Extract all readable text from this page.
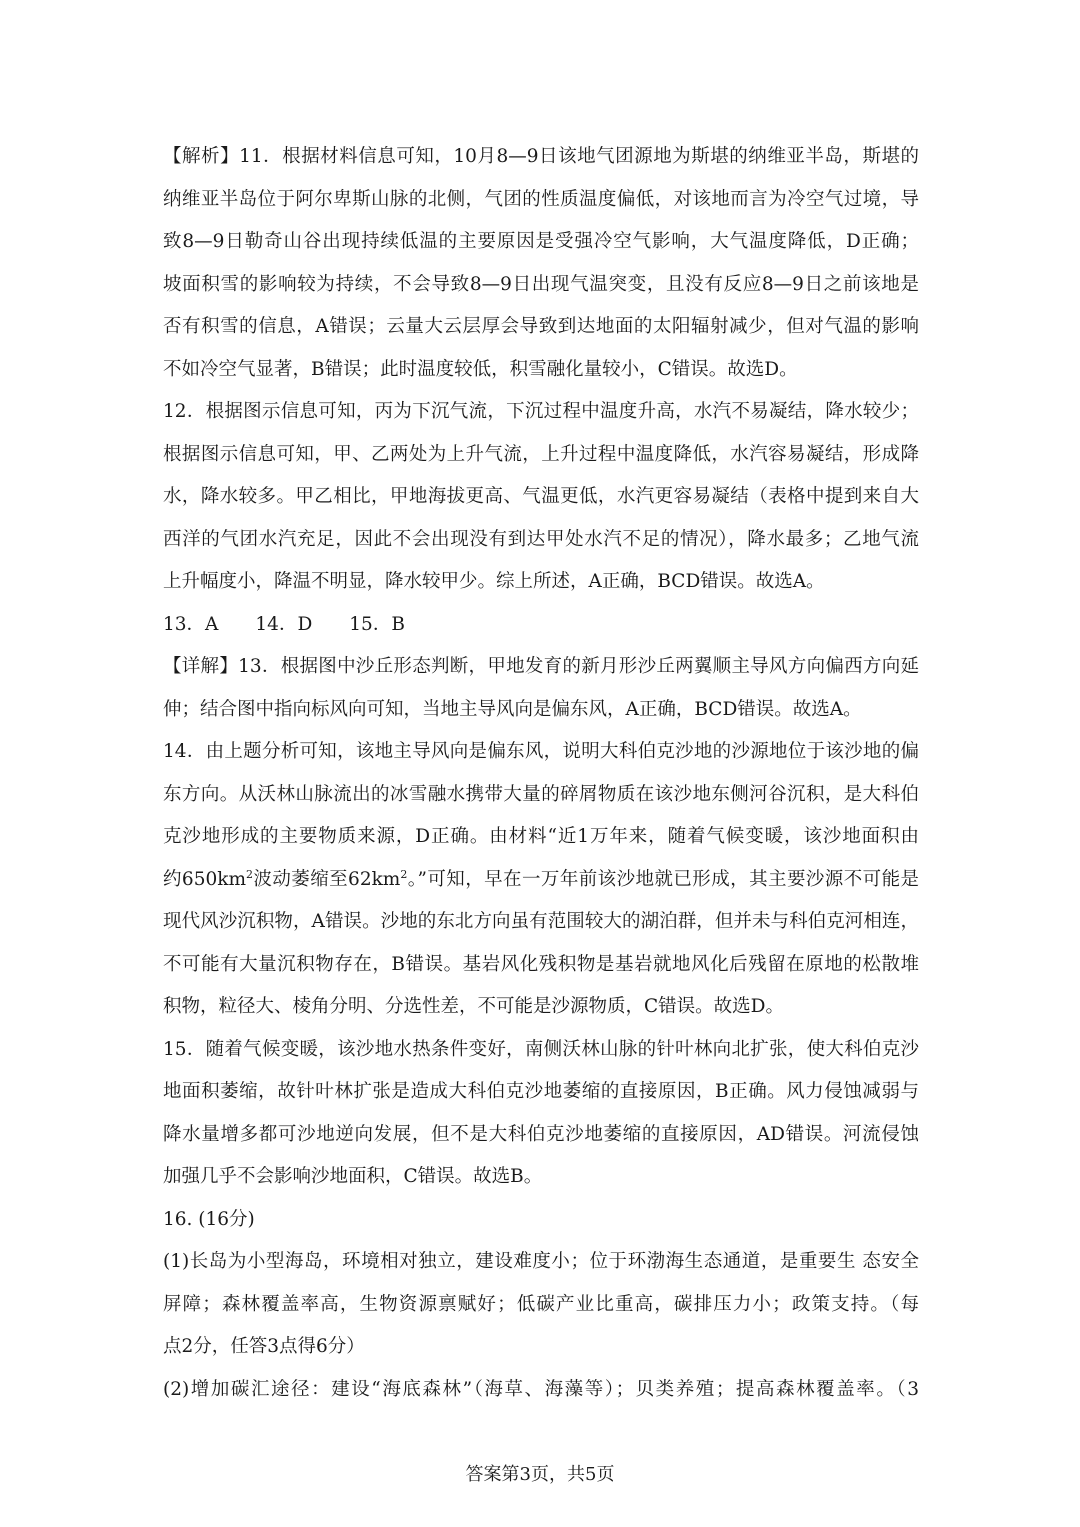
【解析】11．根据材料信息可知，10月8—9日该地气团源地为斯堪的纳维亚半岛，斯堪的
纳维亚半岛位于阿尔卑斯山脉的北侧，气团的性质温度偏低，对该地而言为冷空气过境，导
致8—9日勒奇山谷出现持续低温的主要原因是受强冷空气影响，大气温度降低，D正确；
坡面积雪的影响较为持续，不会导致8—9日出现气温突变，且没有反应8—9日之前该地是
否有积雪的信息，A错误；云量大云层厚会导致到达地面的太阳辐射减少，但对气温的影响
不如冷空气显著，B错误；此时温度较低，积雪融化量较小，C错误。故选D。
12．根据图示信息可知，丙为下沉气流，下沉过程中温度升高，水汽不易凝结，降水较少；
根据图示信息可知，甲、乙两处为上升气流，上升过程中温度降低，水汽容易凝结，形成降
水，降水较多。甲乙相比，甲地海拔更高、气温更低，水汽更容易凝结（表格中提到来自大
西洋的气团水汽充足，因此不会出现没有到达甲处水汽不足的情况），降水最多；乙地气流
上升幅度小，降温不明显，降水较甲少。综上所述，A正确，BCD错误。故选A。
13．A　　14．D　　15．B
【详解】13．根据图中沙丘形态判断，甲地发育的新月形沙丘两翼顺主导风方向偏西方向延
伸；结合图中指向标风向可知，当地主导风向是偏东风，A正确，BCD错误。故选A。
14．由上题分析可知，该地主导风向是偏东风，说明大科伯克沙地的沙源地位于该沙地的偏
东方向。从沃林山脉流出的冰雪融水携带大量的碎屑物质在该沙地东侧河谷沉积，是大科伯
克沙地形成的主要物质来源，D正确。由材料“近1万年来，随着气候变暖，该沙地面积由
约$650km^2$波动萎缩至$62km^2$。”可知，早在一万年前该沙地就已形成，其主要沙源不可能是
现代风沙沉积物，A错误。沙地的东北方向虽有范围较大的湖泊群，但并未与科伯克河相连，
不可能有大量沉积物存在，B错误。基岩风化残积物是基岩就地风化后残留在原地的松散堆
积物，粒径大、棱角分明、分选性差，不可能是沙源物质，C错误。故选D。
15．随着气候变暖，该沙地水热条件变好，南侧沃林山脉的针叶林向北扩张，使大科伯克沙
地面积萎缩，故针叶林扩张是造成大科伯克沙地萎缩的直接原因，B正确。风力侵蚀减弱与
降水量增多都可沙地逆向发展，但不是大科伯克沙地萎缩的直接原因，AD错误。河流侵蚀
加强几乎不会影响沙地面积，C错误。故选B。
16. (16分)
(1)长岛为小型海岛，环境相对独立，建设难度小；位于环渤海生态通道，是重要生 态安全
屏障；森林覆盖率高，生物资源禀赋好；低碳产业比重高，碳排压力小；政策支持。（每
点2分，任答3点得6分）
(2)增加碳汇途径：建设“海底森林”（海草、海藻等）；贝类养殖；提高森林覆盖率。（3
答案第3页，共5页
